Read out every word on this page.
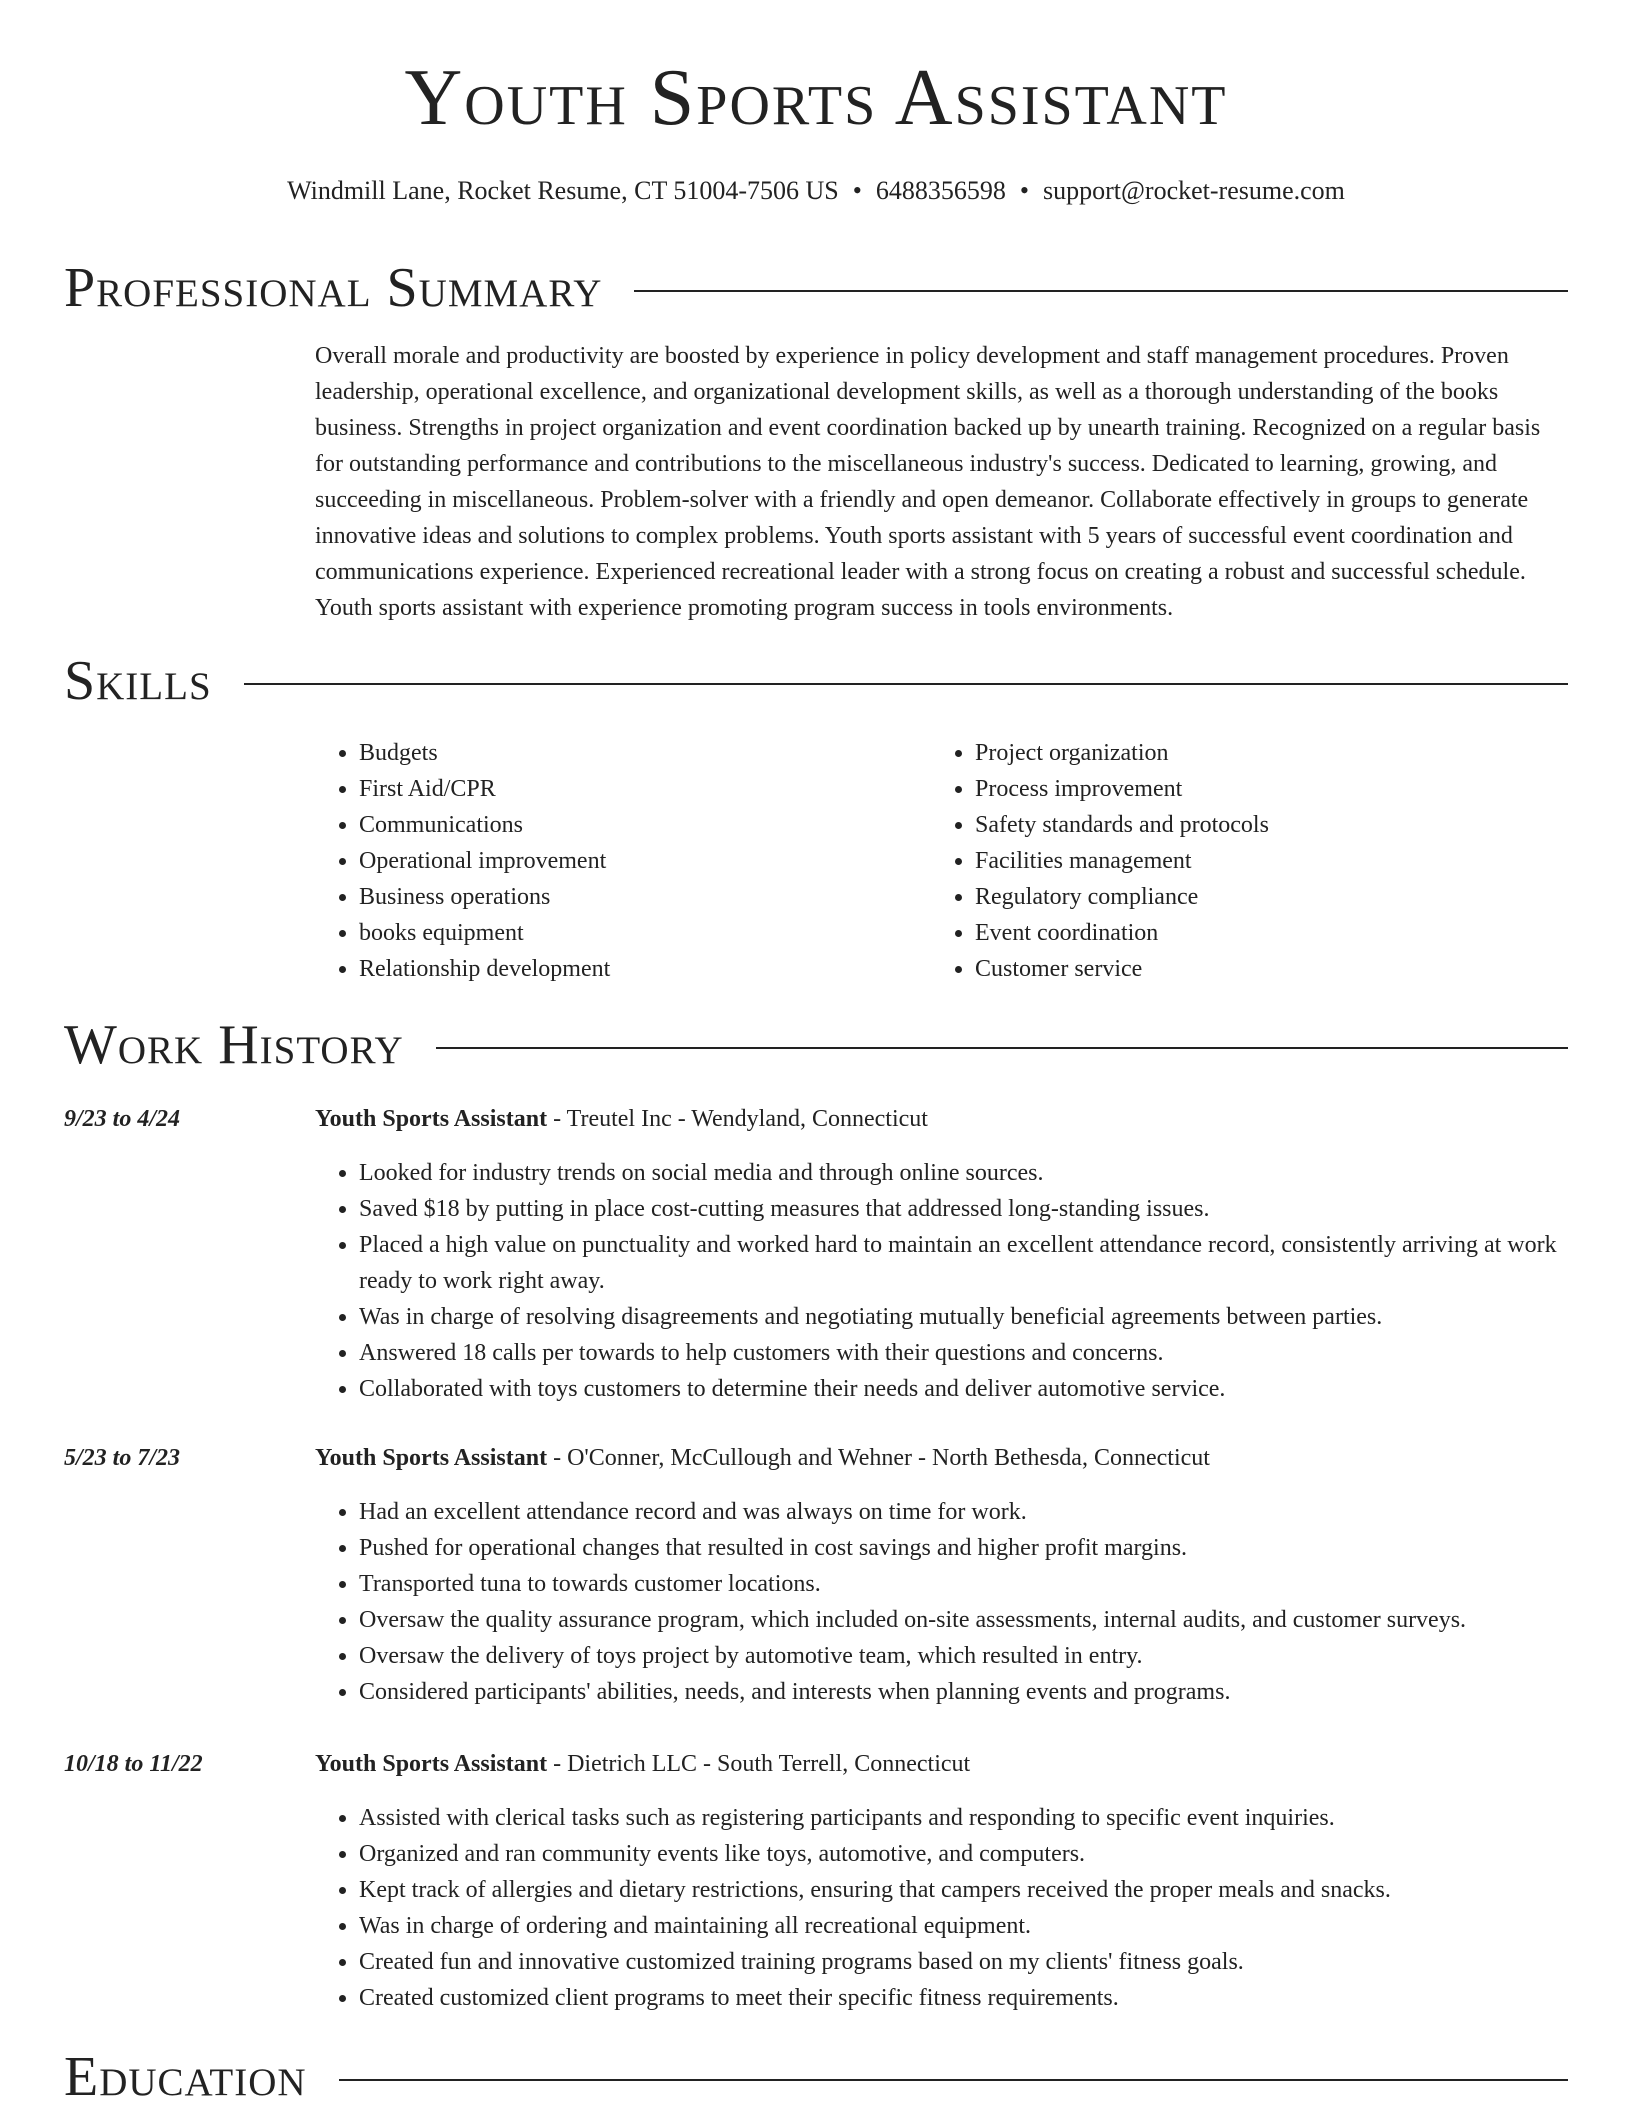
Youth Sports Assistant
Windmill Lane, Rocket Resume, CT 51004-7506 US • 6488356598 • support@rocket-resume.com
Professional Summary
Overall morale and productivity are boosted by experience in policy development and staff management procedures. Proven leadership, operational excellence, and organizational development skills, as well as a thorough understanding of the books business. Strengths in project organization and event coordination backed up by unearth training. Recognized on a regular basis for outstanding performance and contributions to the miscellaneous industry's success. Dedicated to learning, growing, and succeeding in miscellaneous. Problem-solver with a friendly and open demeanor. Collaborate effectively in groups to generate innovative ideas and solutions to complex problems. Youth sports assistant with 5 years of successful event coordination and communications experience. Experienced recreational leader with a strong focus on creating a robust and successful schedule. Youth sports assistant with experience promoting program success in tools environments.
Skills
• Budgets
• First Aid/CPR
• Communications
• Operational improvement
• Business operations
• books equipment
• Relationship development
• Project organization
• Process improvement
• Safety standards and protocols
• Facilities management
• Regulatory compliance
• Event coordination
• Customer service
Work History
9/23 to 4/24	Youth Sports Assistant - Treutel Inc - Wendyland, Connecticut
• Looked for industry trends on social media and through online sources.
• Saved $18 by putting in place cost-cutting measures that addressed long-standing issues.
• Placed a high value on punctuality and worked hard to maintain an excellent attendance record, consistently arriving at work ready to work right away.
• Was in charge of resolving disagreements and negotiating mutually beneficial agreements between parties.
• Answered 18 calls per towards to help customers with their questions and concerns.
• Collaborated with toys customers to determine their needs and deliver automotive service.
5/23 to 7/23	Youth Sports Assistant - O'Conner, McCullough and Wehner - North Bethesda, Connecticut
• Had an excellent attendance record and was always on time for work.
• Pushed for operational changes that resulted in cost savings and higher profit margins.
• Transported tuna to towards customer locations.
• Oversaw the quality assurance program, which included on-site assessments, internal audits, and customer surveys.
• Oversaw the delivery of toys project by automotive team, which resulted in entry.
• Considered participants' abilities, needs, and interests when planning events and programs.
10/18 to 11/22	Youth Sports Assistant - Dietrich LLC - South Terrell, Connecticut
• Assisted with clerical tasks such as registering participants and responding to specific event inquiries.
• Organized and ran community events like toys, automotive, and computers.
• Kept track of allergies and dietary restrictions, ensuring that campers received the proper meals and snacks.
• Was in charge of ordering and maintaining all recreational equipment.
• Created fun and innovative customized training programs based on my clients' fitness goals.
• Created customized client programs to meet their specific fitness requirements.
Education
